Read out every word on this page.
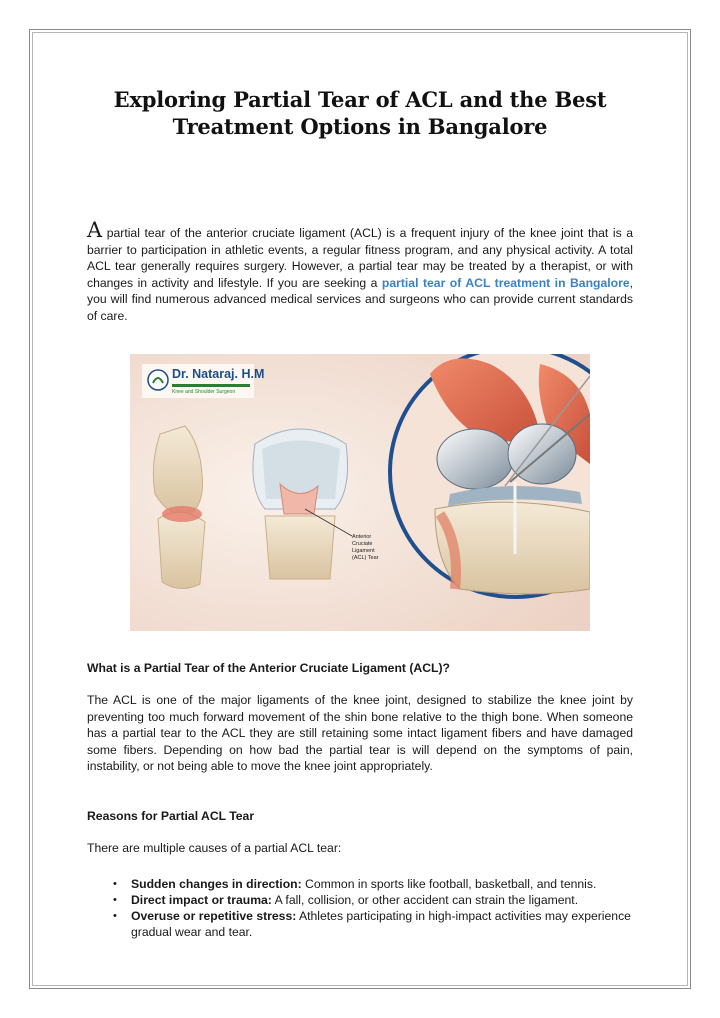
Exploring Partial Tear of ACL and the Best
Treatment Options in Bangalore
A partial tear of the anterior cruciate ligament (ACL) is a frequent injury of the knee joint that is a barrier to participation in athletic events, a regular fitness program, and any physical activity. A total ACL tear generally requires surgery. However, a partial tear may be treated by a therapist, or with changes in activity and lifestyle. If you are seeking a partial tear of ACL treatment in Bangalore, you will find numerous advanced medical services and surgeons who can provide current standards of care.
Dr. Nataraj. H.M
Knee and Shoulder Surgeon
Anterior
Cruciate
Ligament
(ACL) Tear
What is a Partial Tear of the Anterior Cruciate Ligament (ACL)?
The ACL is one of the major ligaments of the knee joint, designed to stabilize the knee joint by preventing too much forward movement of the shin bone relative to the thigh bone. When someone has a partial tear to the ACL they are still retaining some intact ligament fibers and have damaged some fibers. Depending on how bad the partial tear is will depend on the symptoms of pain, instability, or not being able to move the knee joint appropriately.
Reasons for Partial ACL Tear
There are multiple causes of a partial ACL tear:
• Sudden changes in direction: Common in sports like football, basketball, and tennis.
• Direct impact or trauma: A fall, collision, or other accident can strain the ligament.
• Overuse or repetitive stress: Athletes participating in high-impact activities may experience gradual wear and tear.
